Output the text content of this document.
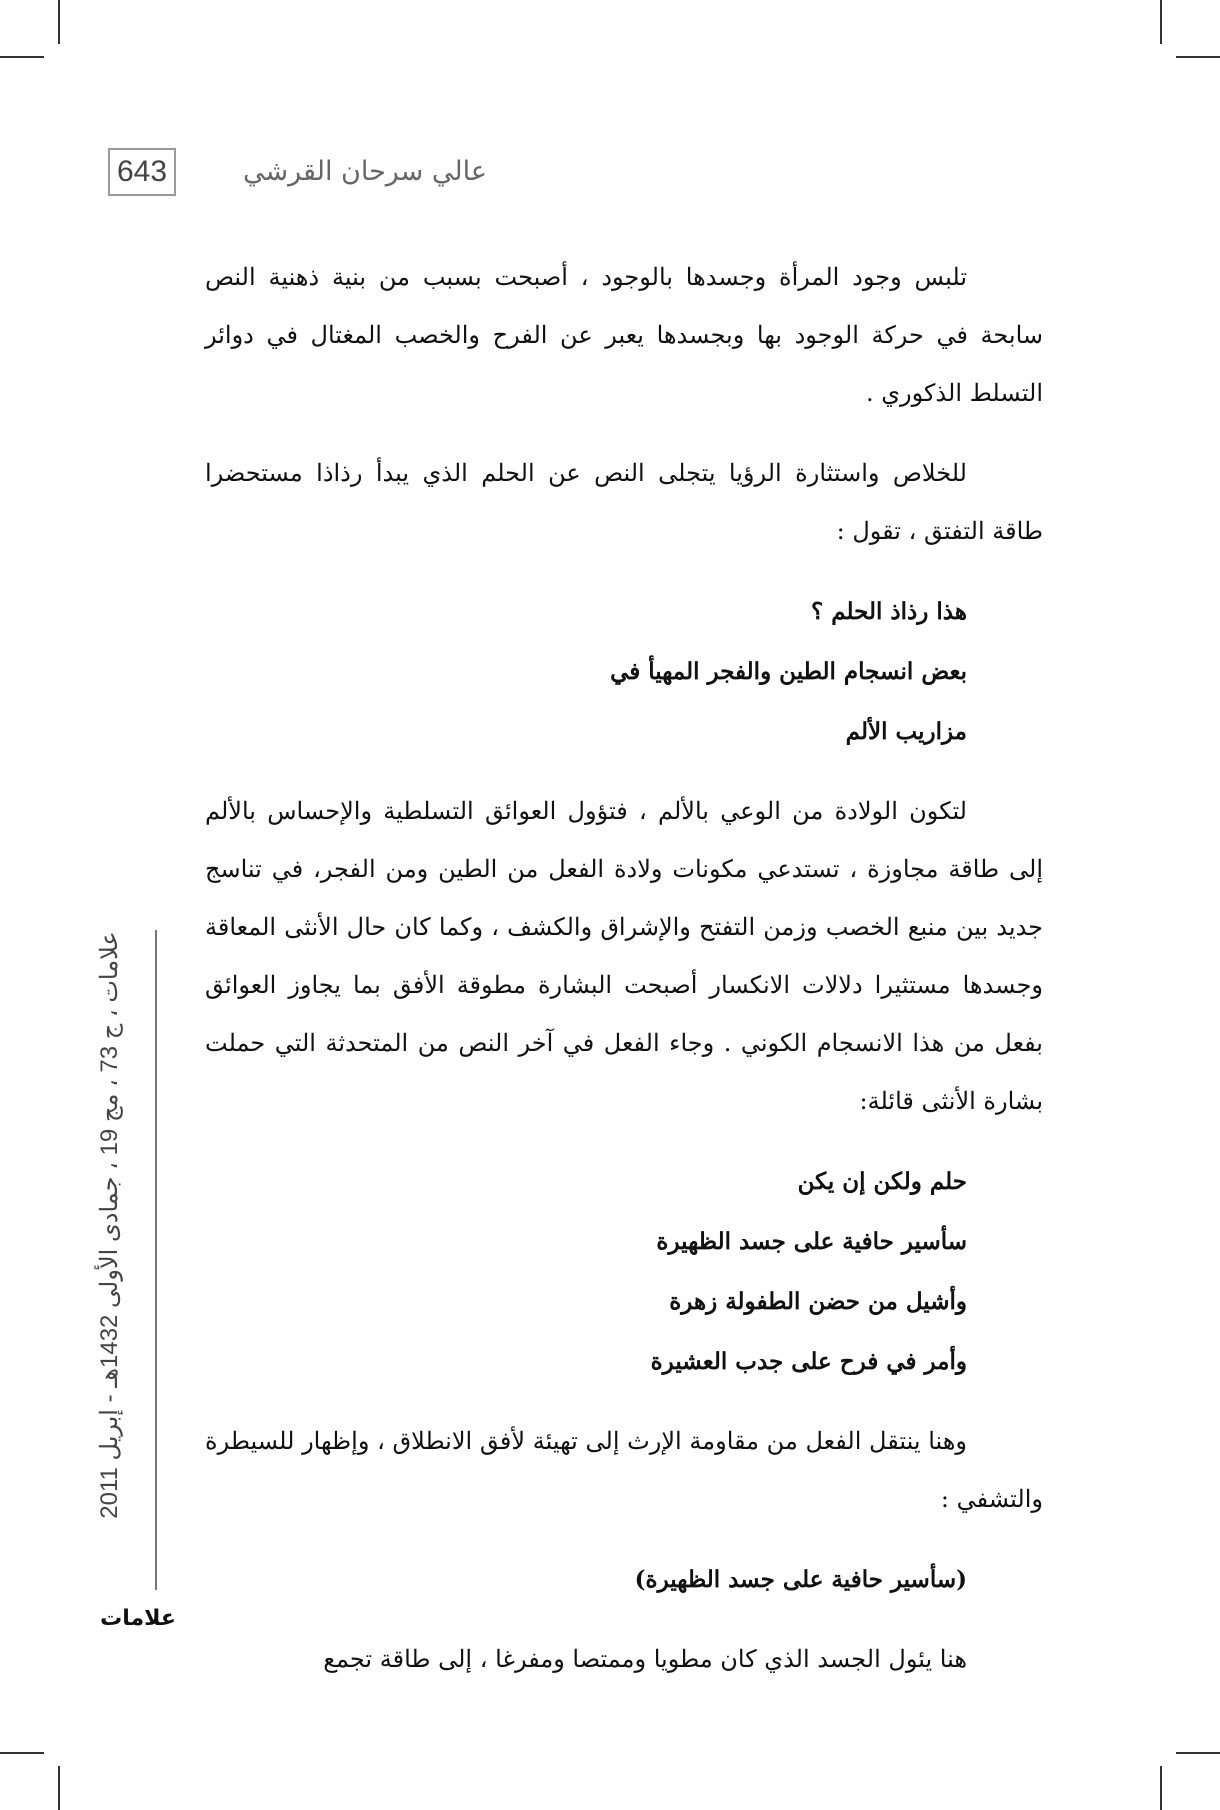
643	عالي سرحان القرشي
علامات ، ج 73 ، مج 19 ، جمادى الأولى 1432هـ - إبريل 2011
علامات

تلبس وجود المرأة وجسدها بالوجود ، أصبحت بسبب من بنية ذهنية النص سابحة في حركة الوجود بها وبجسدها يعبر عن الفرح والخصب المغتال في دوائر التسلط الذكوري .

للخلاص واستثارة الرؤيا يتجلى النص عن الحلم الذي يبدأ رذاذا مستحضرا طاقة التفتق ، تقول :

هذا رذاذ الحلم ؟
بعض انسجام الطين والفجر المهيأ في
مزاريب الألم

لتكون الولادة من الوعي بالألم ، فتؤول العوائق التسلطية والإحساس بالألم إلى طاقة مجاوزة ، تستدعي مكونات ولادة الفعل من الطين ومن الفجر، في تناسج جديد بين منبع الخصب وزمن التفتح والإشراق والكشف ، وكما كان حال الأنثى المعاقة وجسدها مستثيرا دلالات الانكسار أصبحت البشارة مطوقة الأفق بما يجاوز العوائق بفعل من هذا الانسجام الكوني . وجاء الفعل في آخر النص من المتحدثة التي حملت بشارة الأنثى قائلة:

حلم ولكن إن يكن
سأسير حافية على جسد الظهيرة
وأشيل من حضن الطفولة زهرة
وأمر في فرح على جدب العشيرة

وهنا ينتقل الفعل من مقاومة الإرث إلى تهيئة لأفق الانطلاق ، وإظهار للسيطرة والتشفي :

(سأسير حافية على جسد الظهيرة)

هنا يئول الجسد الذي كان مطويا وممتصا ومفرغا ، إلى طاقة تجمع
